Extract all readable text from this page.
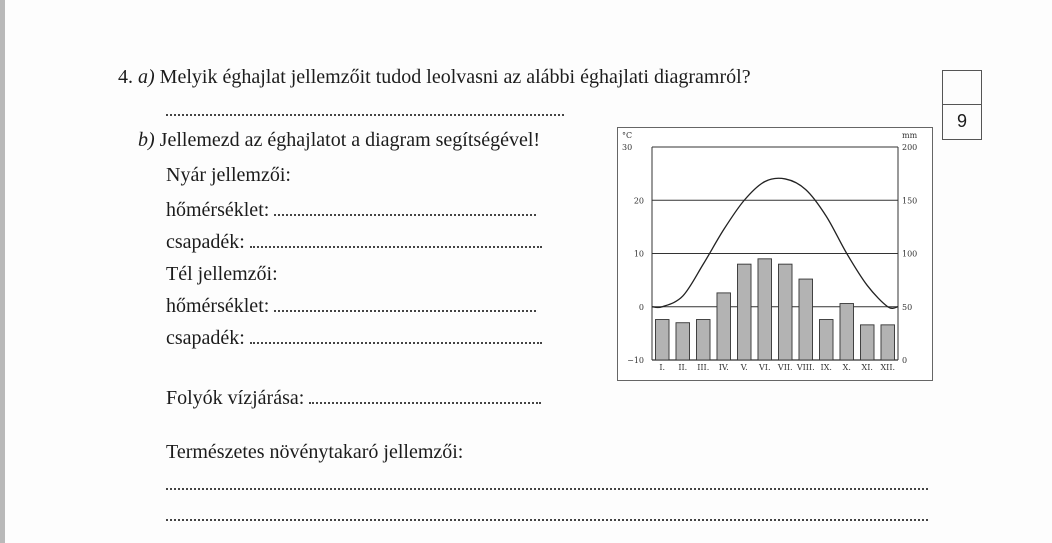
4. a) Melyik éghajlat jellemzőit tudod leolvasni az alábbi éghajlati diagramról?
b) Jellemezd az éghajlatot a diagram segítségével!
Nyár jellemzői:
hőmérséklet:
csapadék:
Tél jellemzői:
hőmérséklet:
csapadék:
Folyók vízjárása:
Természetes növénytakaró jellemzői:
9
°C	mm
30
20
10
0
−10
200
150
100
50
0
I. II. III. IV. V. VI. VII. VIII. IX. X. XI. XII.
